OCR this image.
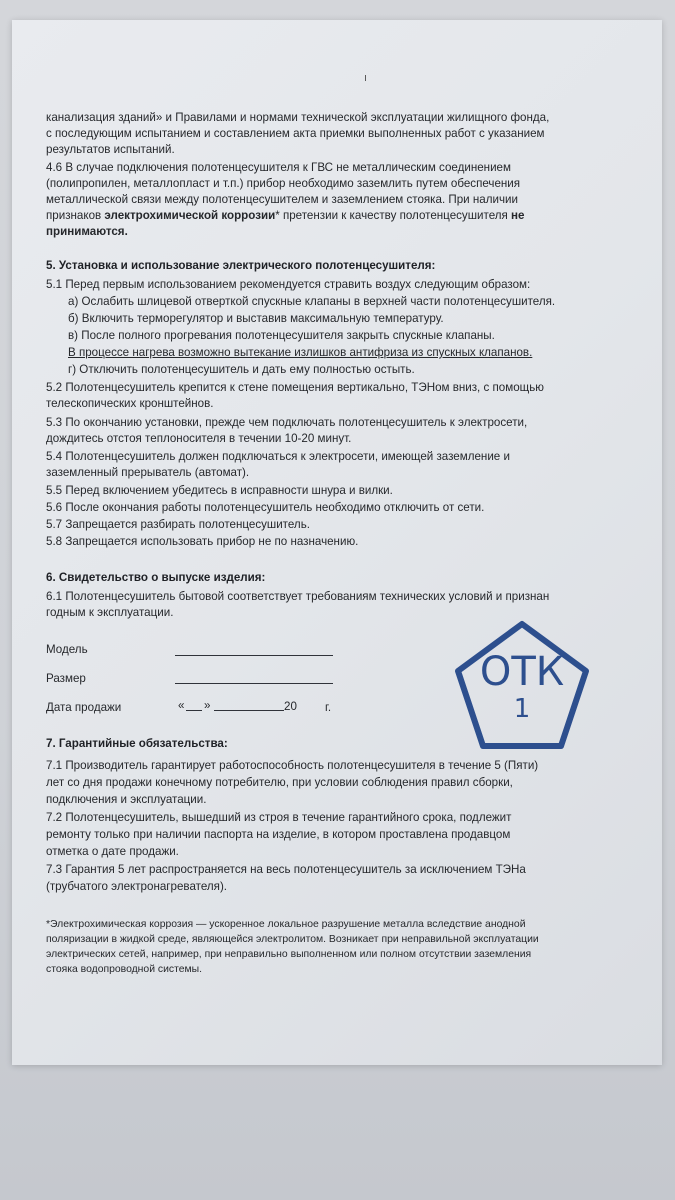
ı
канализация зданий» и Правилами и нормами технической эксплуатации жилищного фонда,
с последующим испытанием и составлением акта приемки выполненных работ с указанием
результатов испытаний.
4.6 В случае подключения полотенцесушителя к ГВС не металлическим соединением
(полипропилен, металлопласт и т.п.) прибор необходимо заземлить путем обеспечения
металлической связи между полотенцесушителем и заземлением стояка. При наличии
признаков электрохимической коррозии* претензии к качеству полотенцесушителя не
принимаются.
5. Установка и использование электрического полотенцесушителя:
5.1 Перед первым использованием рекомендуется стравить воздух следующим образом:
а) Ослабить шлицевой отверткой спускные клапаны в верхней части полотенцесушителя.
б) Включить терморегулятор и выставив максимальную температуру.
в) После полного прогревания полотенцесушителя закрыть спускные клапаны.
В процессе нагрева возможно вытекание излишков антифриза из спускных клапанов.
г) Отключить полотенцесушитель и дать ему полностью остыть.
5.2 Полотенцесушитель крепится к стене помещения вертикально, ТЭНом вниз, с помощью
телескопических кронштейнов.
5.3 По окончанию установки, прежде чем подключать полотенцесушитель к электросети,
дождитесь отстоя теплоносителя в течении 10-20 минут.
5.4 Полотенцесушитель должен подключаться к электросети, имеющей заземление и
заземленный прерыватель (автомат).
5.5 Перед включением убедитесь в исправности шнура и вилки.
5.6 После окончания работы полотенцесушитель необходимо отключить от сети.
5.7 Запрещается разбирать полотенцесушитель.
5.8 Запрещается использовать прибор не по назначению.
6. Свидетельство о выпуске изделия:
6.1 Полотенцесушитель бытовой соответствует требованиям технических условий и признан
годным к эксплуатации.
Модель
Размер
Дата продажи	« »	20 г.
ОТК
1
7. Гарантийные обязательства:
7.1 Производитель гарантирует работоспособность полотенцесушителя в течение 5 (Пяти)
лет со дня продажи конечному потребителю, при условии соблюдения правил сборки,
подключения и эксплуатации.
7.2 Полотенцесушитель, вышедший из строя в течение гарантийного срока, подлежит
ремонту только при наличии паспорта на изделие, в котором проставлена продавцом
отметка о дате продажи.
7.3 Гарантия 5 лет распространяется на весь полотенцесушитель за исключением ТЭНа
(трубчатого электронагревателя).
*Электрохимическая коррозия — ускоренное локальное разрушение металла вследствие анодной
поляризации в жидкой среде, являющейся электролитом. Возникает при неправильной эксплуатации
электрических сетей, например, при неправильно выполненном или полном отсутствии заземления
стояка водопроводной системы.
